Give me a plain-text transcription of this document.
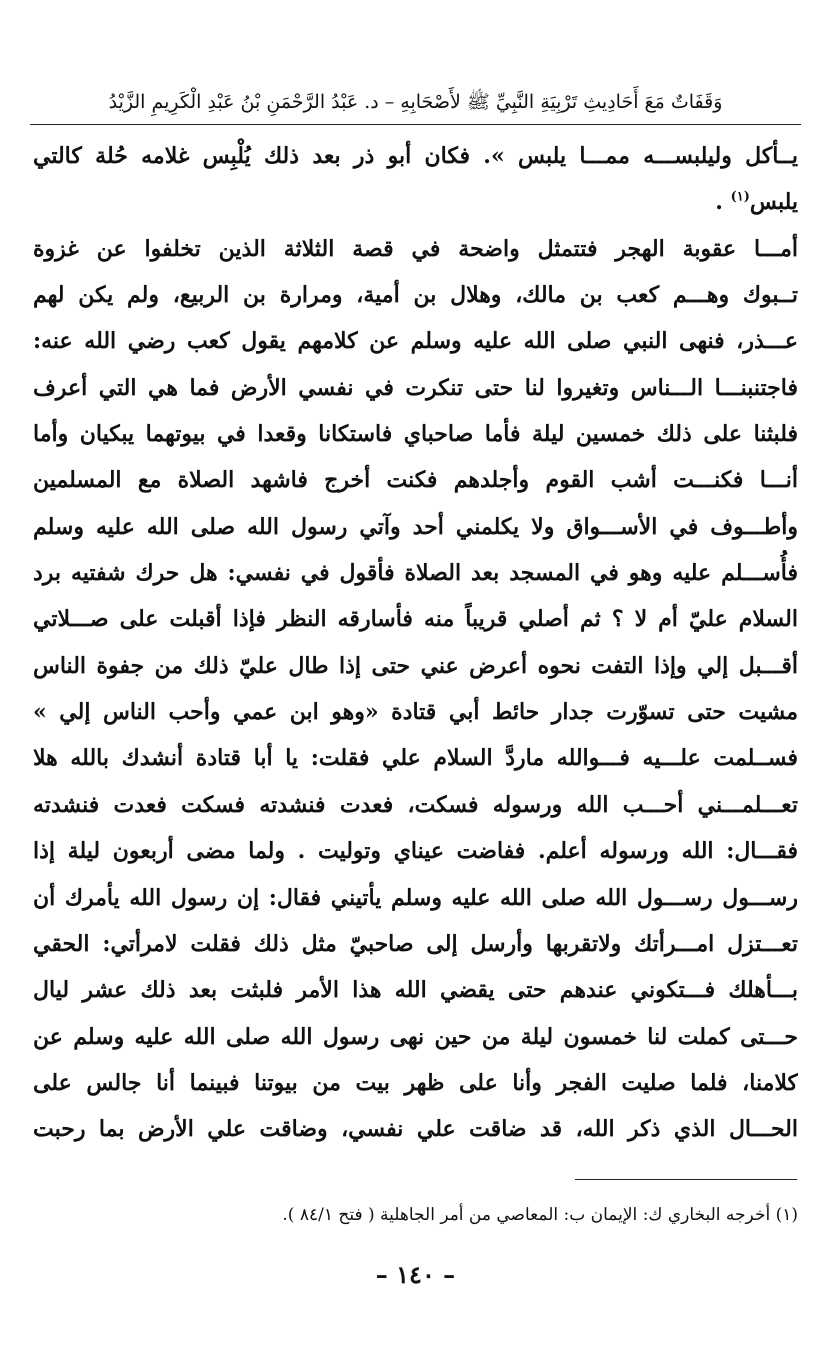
وَقَفَاتٌ مَعَ أَحَادِيثِ تَرْبِيَةِ النَّبِيِّ ﷺ لأَصْحَابِهِ – د. عَبْدُ الرَّحْمَنِ بْنُ عَبْدِ الْكَرِيمِ الزَّيْدُ
يــأكل وليلبســـه ممـــا يلبس ». فكان أبو ذر بعد ذلك يُلْبِس غلامه حُلة كالتي
يلبس$^{(١)}$ .
أمـــا عقوبة الهجر فتتمثل واضحة في قصة الثلاثة الذين تخلفوا عن غزوة
تــبوك وهـــم كعب بن مالك، وهلال بن أمية، ومرارة بن الربيع، ولم يكن لهم
عـــذر، فنهى النبي صلى الله عليه وسلم عن كلامهم يقول كعب رضي الله عنه:
فاجتنبنـــا الـــناس وتغيروا لنا حتى تنكرت في نفسي الأرض فما هي التي أعرف
فلبثنا على ذلك خمسين ليلة فأما صاحباي فاستكانا وقعدا في بيوتهما يبكيان وأما
أنـــا فكنـــت أشب القوم وأجلدهم فكنت أخرج فاشهد الصلاة مع المسلمين
وأطـــوف في الأســـواق ولا يكلمني أحد وآتي رسول الله صلى الله عليه وسلم
فأُســـلم عليه وهو في المسجد بعد الصلاة فأقول في نفسي: هل حرك شفتيه برد
السلام عليّ أم لا ؟ ثم أصلي قريباً منه فأسارقه النظر فإذا أقبلت على صـــلاتي
أقـــبل إلي وإذا التفت نحوه أعرض عني حتى إذا طال عليّ ذلك من جفوة الناس
مشيت حتى تسوّرت جدار حائط أبي قتادة «وهو ابن عمي وأحب الناس إلي »
فســلمت علـــيه فـــوالله ماردَّ السلام علي فقلت: يا أبا قتادة أنشدك بالله هلا
تعـــلمـــني أحـــب الله ورسوله فسكت، فعدت فنشدته فسكت فعدت فنشدته
فقـــال: الله ورسوله أعلم. ففاضت عيناي وتوليت . ولما مضى أربعون ليلة إذا
رســـول رســـول الله صلى الله عليه وسلم يأتيني فقال: إن رسول الله يأمرك أن
تعـــتزل امـــرأتك ولاتقربها وأرسل إلى صاحبيّ مثل ذلك فقلت لامرأتي: الحقي
بـــأهلك فـــتكوني عندهم حتى يقضي الله هذا الأمر فلبثت بعد ذلك عشر ليال
حـــتى كملت لنا خمسون ليلة من حين نهى رسول الله صلى الله عليه وسلم عن
كلامنا، فلما صليت الفجر وأنا على ظهر بيت من بيوتنا فبينما أنا جالس على
الحـــال الذي ذكر الله، قد ضاقت علي نفسي، وضاقت علي الأرض بما رحبت
(١) أخرجه البخاري ك: الإيمان ب: المعاصي من أمر الجاهلية ( فتح ٨٤/١ ).
– ١٤٠ –
